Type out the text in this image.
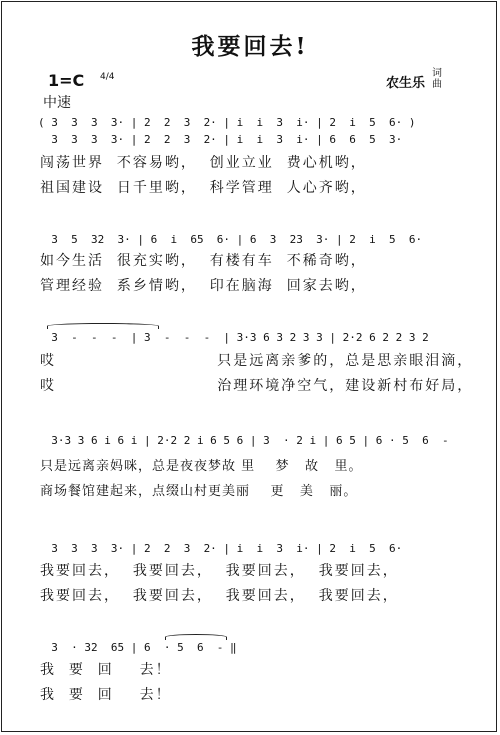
我要回去!
1=C 4/4
中速
农生乐
词
曲
( 3  3  3  3· | 2  2  3  2· | i  i  3  i· | 2  i  5  6· )
3  3  3  3· | 2  2  3  2· | i  i  3  i· | 6  6  5  3·
闯荡世界  不容易哟，  创业立业  费心机哟，
祖国建设  日千里哟，  科学管理  人心齐哟，
3  5  32  3· | 6  i  65  6· | 6  3  23  3· | 2  i  5  6·
如今生活  很充实哟，  有楼有车  不稀奇哟，
管理经验  系乡情哟，  印在脑海  回家去哟，
3  -  -  -  | 3  -  -  -  | 3·3 6 3 2 3 3 | 2·2 6 2 2 3 2
哎                         只是远离亲爹的，总是思亲眼泪滴，
哎                         治理环境净空气，建设新村布好局，
3·3 3 6 i 6 i | 2·2 2 i 6 5 6 | 3  · 2 i | 6 5 | 6 · 5  6  -
只是远离亲妈咪，总是夜夜梦故 里    梦   故   里。
商场餐馆建起来，点缀山村更美丽    更   美   丽。
3  3  3  3· | 2  2  3  2· | i  i  3  i· | 2  i  5  6·
我要回去，  我要回去，  我要回去，  我要回去，
我要回去，  我要回去，  我要回去，  我要回去，
3  · 32  65 | 6  · 5  6  - ‖
我  要  回    去！
我  要  回    去！
